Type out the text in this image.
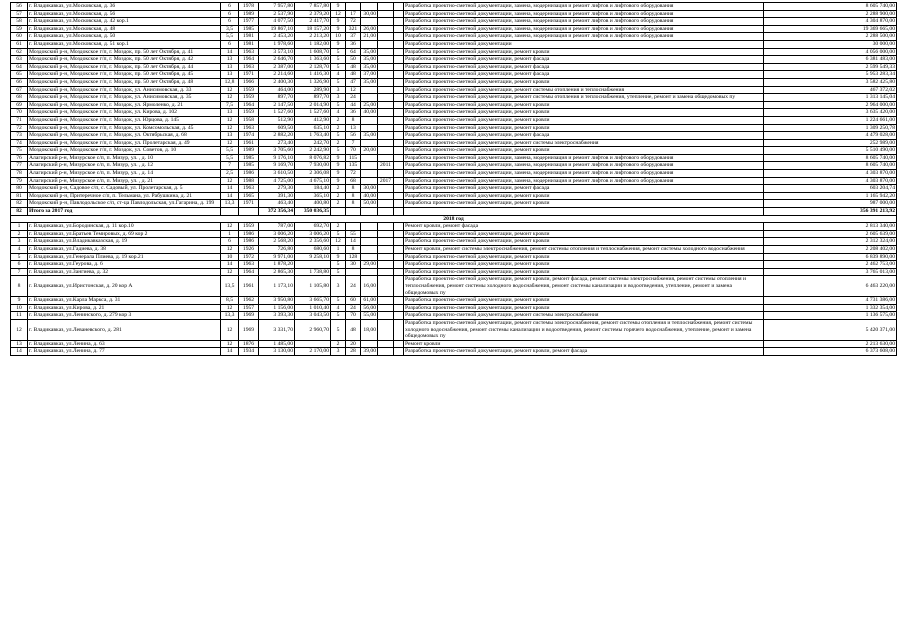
56	г. Владикавказ, ул.Московская, д. 36	6	1978	7 957,80	7 857,80	9					Разработка проектно-сметной документации, замена, модернизация и ремонт лифтов и лифтового оборудования	8 605 740,00
57	г. Владикавказ, ул.Московская, д. 56	6	1989	2 537,90	2 379,20	12	17	30,00			Разработка проектно-сметной документации, замена, модернизация и ремонт лифтов и лифтового оборудования	2 288 900,00
58	г. Владикавказ, ул.Московская, д. 42 кор.1	6	1977	4 077,50	2 417,70	9	72				Разработка проектно-сметной документации, замена, модернизация и ремонт лифтов и лифтового оборудования	4 304 870,00
59	г. Владикавказ, ул.Московская, д. 48	3,5	1985	19 867,10	18 157,20	9	321	26,00			Разработка проектно-сметной документации, замена, модернизация и ремонт лифтов и лифтового оборудования	19 369 665,00
60	г. Владикавказ, ул.Московская, д. 50	5,5	1981	2 453,20	2 213,20	10	37	21,00			Разработка проектно-сметной документации, замена, модернизация и ремонт лифтов и лифтового оборудования	2 288 500,00
61	г. Владикавказ, ул.Московская, д. 51 кор.1	6	1981	1 978,60	1 182,00	9	36				Разработка проектно-сметной документации	30 000,00
62	Моздокский р-н, Моздокское г/п, г. Моздок, пр. 50 лет Октября, д. 41	14	1963	3 573,10	1 608,70	5	64	35,00			Разработка проектно-сметной документации, ремонт кровли	4 056 000,00
63	Моздокский р-н, Моздокское г/п, г. Моздок, пр. 50 лет Октября, д. 42	13	1964	2 646,70	1 363,60	5	50	35,00			Разработка проектно-сметной документации, ремонт фасада	6 381 483,00
64	Моздокский р-н, Моздокское г/п, г. Моздок, пр. 50 лет Октября, д. 44	13	1963	2 387,00	2 128,70	5	48	35,00			Разработка проектно-сметной документации, ремонт фасада	2 599 549,33
65	Моздокский р-н, Моздокское г/п, г. Моздок, пр. 50 лет Октября, д. 45	13	1971	2 214,60	1 416,30	4	48	37,00			Разработка проектно-сметной документации, ремонт фасада	5 953 283,34
66	Моздокский р-н, Моздокское г/п, г. Моздок, пр. 50 лет Октября, д. 48	12,8	1966	2 400,30	1 326,90	5	47	35,00			Разработка проектно-сметной документации, ремонт кровли	3 582 425,80
67	Моздокский р-н, Моздокское г/п, г. Моздок, ул. Анисимовская, д. 33	12	1959	464,00	289,90	3	12				Разработка проектно-сметной документации, ремонт системы отопления и теплоснабжения	467 372,02
68	Моздокский р-н, Моздокское г/п, г. Моздок, ул. Анисимовская, д. 35	12	1959	897,70	897,70	3	24				Разработка проектно-сметной документации, ремонт системы отопления и теплоснабжения, утепление, ремонт и замена общедомовых пу	1 313 145,04
69	Моздокский р-н, Моздокское г/п, г. Моздок, ул. Ярмоленко, д. 21	7,5	1964	2 147,50	2 014,90	5	44	25,00			Разработка проектно-сметной документации, ремонт кровли	2 964 000,00
70	Моздокский р-н, Моздокское г/п, г. Моздок, ул. Кирова, д. 102	13	1959	1 527,60	1 527,60	4	36	40,00			Разработка проектно-сметной документации, ремонт кровли	3 635 420,00
71	Моздокский р-н, Моздокское г/п, г. Моздок, ул. Юрцова, д. 145	12	1958	512,90	412,90	2	8				Разработка проектно-сметной документации, ремонт кровли	1 224 661,00
72	Моздокский р-н, Моздокское г/п, г. Моздок, ул. Комсомольская, д. 45	12	1963	609,50	635,10	2	13				Разработка проектно-сметной документации, ремонт кровли	1 309 250,78
73	Моздокский р-н, Моздокское г/п, г. Моздок, ул. Октябрьская, д. 68	13	1974	2 882,20	1 763,40	5	56	35,00			Разработка проектно-сметной документации, ремонт фасада	4 479 028,00
74	Моздокский р-н, Моздокское г/п, г. Моздок, ул. Пролетарская, д. 49	12	1961	273,40	242,70	2	7				Разработка проектно-сметной документации, ремонт системы электроснабжения	252 989,00
75	Моздокский р-н, Моздокское г/п, г. Моздок, ул. Советов, д. 10	5,5	1989	3 705,60	2 242,90	5	70	20,00			Разработка проектно-сметной документации, ремонт кровли	5 510 490,00
76	Алагирский р-н, Мизурское с/п, п. Мизур, ул. , д. 10	5,5	1985	9 176,10	8 076,82	9	115				Разработка проектно-сметной документации, замена, модернизация и ремонт лифтов и лифтового оборудования	8 605 740,00
77	Алагирский р-н, Мизурское с/п, п. Мизур, ул. , д. 12	7	1985	9 169,70	7 930,00	9	135		2011		Разработка проектно-сметной документации, замена, модернизация и ремонт лифтов и лифтового оборудования	8 605 740,00
78	Алагирский р-н, Мизурское с/п, п. Мизур, ул. , д. 14	2,5	1986	3 610,50	2 306,08	9	72				Разработка проектно-сметной документации, замена, модернизация и ремонт лифтов и лифтового оборудования	4 303 870,00
79	Алагирский р-н, Мизурское с/п, п. Мизур, ул. , д. 21	12	1988	4 725,00	4 675,10	9	68		2017		Разработка проектно-сметной документации, замена, модернизация и ремонт лифтов и лифтового оборудования	4 303 870,00
80	Моздокский р-н, Садовое с/п, с. Садовый, ул. Пролетарская, д. 5	14	1963	279,30	184,40	2	8	30,00			Разработка проектно-сметной документации, ремонт фасада	603 204,74
81	Моздокский р-н, Притеречное с/п, п. Тельмана, ул. Рабушкина, д. 21	14	1965	391,30	365,10	2	8	40,00			Разработка проектно-сметной документации, ремонт кровли	1 165 942,20
82	Моздокский р-н, Павлодольское с/п, ст-ца Павлодольская, ул.Гагарина, д. 199	13,3	1971	463,40	400,80	2	8	50,00			Разработка проектно-сметной документации, ремонт кровли	987 000,00
82	Итого за 2017 год			372 356,34	350 036,35							356 391 213,92
2018 год												
1	г. Владикавказ, ул.Бородинская, д. 11 кор.10	12	1959	787,00	692,70	2					Ремонт кровли, ремонт фасада	2 813 340,00
2	г. Владикавказ, ул.Братьев Темировых, д. 69 кор 2	1	1986	3 006,20	3 006,20	5	55				Разработка проектно-сметной документации, ремонт кровли	2 605 639,00
3	г. Владикавказ, ул.Владикавказская, д. 19	6	1986	2 568,20	2 356,60	12	14				Разработка проектно-сметной документации, ремонт кровли	2 312 324,00
4	г. Владикавказ, ул.Гадиева, д. 38	12	1926	726,80	680,60	1	8				Ремонт кровли, ремонт системы электроснабжения, ремонт системы отопления и теплоснабжения, ремонт системы холодного водоснабжения	2 208 402,00
5	г. Владикавказ, ул.Генерала Плиева, д. 19 кор.21	10	1972	9 971,00	9 258,10	9	128				Разработка проектно-сметной документации, ремонт кровли	6 839 890,00
6	г. Владикавказ, ул.Геурова, д. 6	14	1963	1 878,20		5	30	29,00			Разработка проектно-сметной документации, ремонт кровли	2 462 753,00
7	г. Владикавказ, ул.Зангиева, д. 32	12	1964	2 865,30	1 738,80	5					Разработка проектно-сметной документации, ремонт кровли	3 765 013,00
8	г. Владикавказ, ул.Иристонская, д. 20 кор А	13,5	1961	1 173,10	1 105,80	3	24	16,00			Разработка проектно-сметной документации, ремонт кровли, ремонт фасада, ремонт системы электроснабжения, ремонт системы отопления и теплоснабжения, ремонт системы холодного водоснабжения, ремонт системы канализации и водоотведения, утепление, ремонт и замена общедомовых пу	6 463 220,00
9	г. Владикавказ, ул.Карла Маркса, д. 31	8,5	1962	3 950,80	3 665,70	5	60	61,00			Разработка проектно-сметной документации, ремонт кровли	4 731 386,00
10	г. Владикавказ, ул.Кирова, д. 21	12	1957	1 156,00	1 010,40	4	24	56,00			Разработка проектно-сметной документации, ремонт кровли	1 332 354,00
11	г. Владикавказ, ул.Ленинского, д. 279 кор 3	13,3	1969	3 393,30	3 043,50	5	70	55,00			Разработка проектно-сметной документации, ремонт системы электроснабжения	1 136 575,00
12	г. Владикавказ, ул.Леваневского, д. 281	12	1969	3 331,70	2 960,70	5	48	18,00			Разработка проектно-сметной документации, ремонт системы электроснабжения, ремонт системы отопления и теплоснабжения, ремонт системы холодного водоснабжения, ремонт системы канализации и водоотведения, ремонт системы горячего водоснабжения, утепление, ремонт и замена общедомовых пу	5 420 371,00
13	г. Владикавказ, ул.Ленина, д. 63	12	1876	1 485,00		2	20				Ремонт кровли	2 213 630,00
14	г. Владикавказ, ул.Ленина, д. 77	14	1934	3 130,00	2 170,00	3	28	39,00			Разработка проектно-сметной документации, ремонт кровли, ремонт фасада	6 373 608,00
